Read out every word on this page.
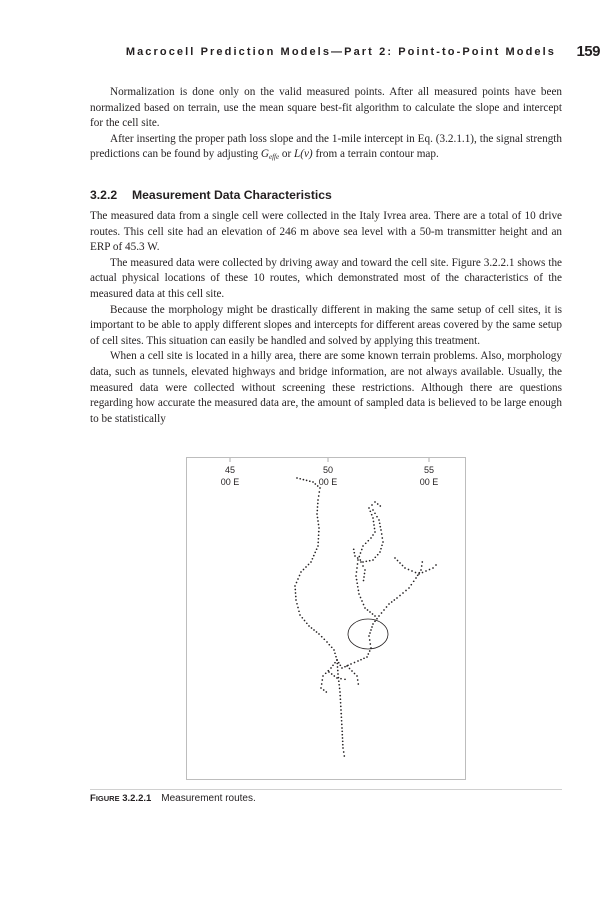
Macrocell Prediction Models—Part 2: Point-to-Point Models 159

Normalization is done only on the valid measured points. After all measured points have been normalized based on terrain, use the mean square best-fit algorithm to calculate the slope and intercept for the cell site.

After inserting the proper path loss slope and the 1-mile intercept in Eq. (3.2.1.1), the signal strength predictions can be found by adjusting $G_{effe}$ or L(v) from a terrain contour map.

3.2.2 Measurement Data Characteristics

The measured data from a single cell were collected in the Italy Ivrea area. There are a total of 10 drive routes. This cell site had an elevation of 246 m above sea level with a 50-m transmitter height and an ERP of 45.3 W.

The measured data were collected by driving away and toward the cell site. Figure 3.2.2.1 shows the actual physical locations of these 10 routes, which demonstrated most of the characteristics of the measured data at this cell site.

Because the morphology might be drastically different in making the same setup of cell sites, it is important to be able to apply different slopes and intercepts for different areas covered by the same setup of cell sites. This situation can easily be handled and solved by applying this treatment.

When a cell site is located in a hilly area, there are some known terrain problems. Also, morphology data, such as tunnels, elevated highways and bridge information, are not always available. Usually, the measured data were collected without screening these restrictions. Although there are questions regarding how accurate the measured data are, the amount of sampled data is believed to be large enough to be statistically

45
00 E
50
00 E
55
00 E
FIGURE 3.2.2.1 Measurement routes.
